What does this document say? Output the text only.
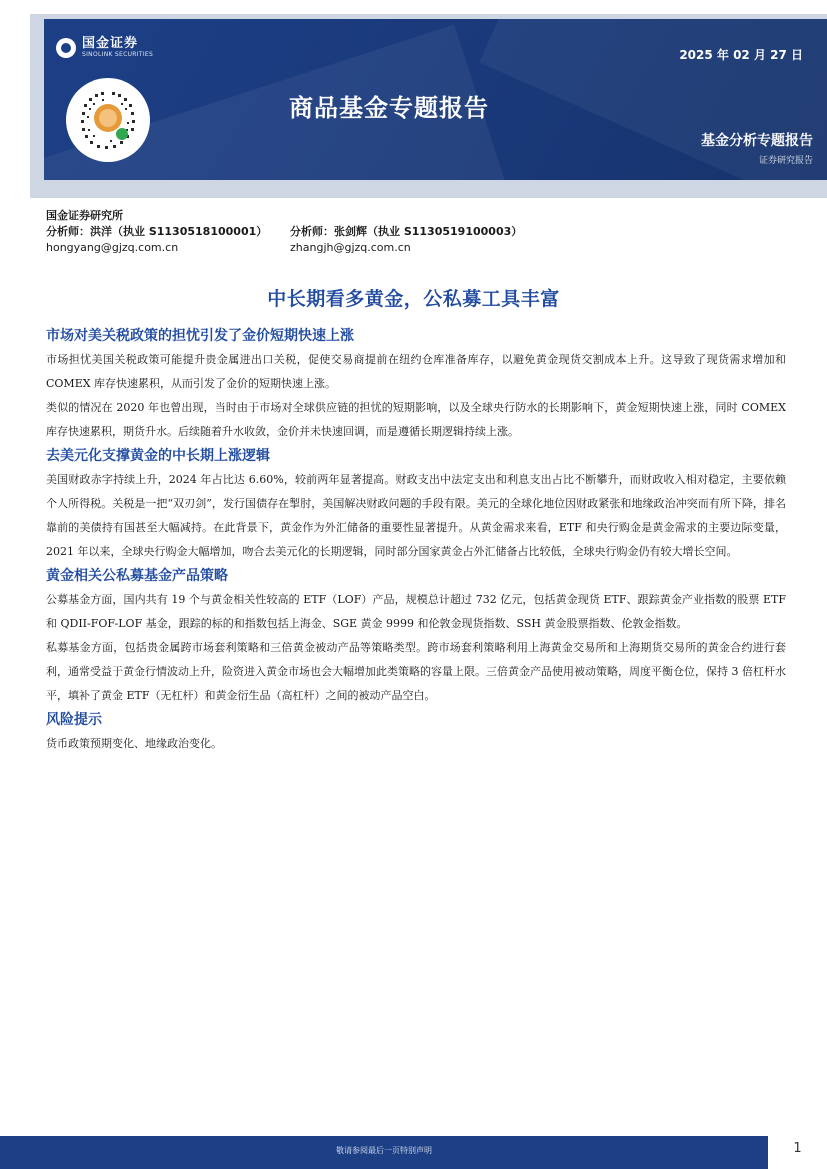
国金证券
SINOLINK SECURITIES	2025 年 02 月 27 日
商品基金专题报告
基金分析专题报告
证券研究报告
国金证券研究所
分析师：洪洋（执业 S1130518100001）	分析师：张剑辉（执业 S1130519100003）
hongyang@gjzq.com.cn	zhangjh@gjzq.com.cn
中长期看多黄金，公私募工具丰富
市场对美关税政策的担忧引发了金价短期快速上涨

市场担忧美国关税政策可能提升贵金属进出口关税，促使交易商提前在纽约仓库准备库存，以避免黄金现货交割成本上升。这导致了现货需求增加和 COMEX 库存快速累积，从而引发了金价的短期快速上涨。

类似的情况在 2020 年也曾出现，当时由于市场对全球供应链的担忧的短期影响，以及全球央行防水的长期影响下，黄金短期快速上涨，同时 COMEX 库存快速累积，期货升水。后续随着升水收敛，金价并未快速回调，而是遵循长期逻辑持续上涨。

去美元化支撑黄金的中长期上涨逻辑

美国财政赤字持续上升，2024 年占比达 6.60%，较前两年显著提高。财政支出中法定支出和利息支出占比不断攀升，而财政收入相对稳定，主要依赖个人所得税。关税是一把“双刃剑”，发行国债存在掣肘，美国解决财政问题的手段有限。美元的全球化地位因财政紧张和地缘政治冲突而有所下降，排名靠前的美债持有国甚至大幅减持。在此背景下，黄金作为外汇储备的重要性显著提升。从黄金需求来看，ETF 和央行购金是黄金需求的主要边际变量，2021 年以来，全球央行购金大幅增加，吻合去美元化的长期逻辑，同时部分国家黄金占外汇储备占比较低，全球央行购金仍有较大增长空间。

黄金相关公私募基金产品策略

公募基金方面，国内共有 19 个与黄金相关性较高的 ETF（LOF）产品，规模总计超过 732 亿元，包括黄金现货 ETF、跟踪黄金产业指数的股票 ETF 和 QDII-FOF-LOF 基金，跟踪的标的和指数包括上海金、SGE 黄金 9999 和伦敦金现货指数、SSH 黄金股票指数、伦敦金指数。

私募基金方面，包括贵金属跨市场套利策略和三倍黄金被动产品等策略类型。跨市场套利策略利用上海黄金交易所和上海期货交易所的黄金合约进行套利，通常受益于黄金行情波动上升，险资进入黄金市场也会大幅增加此类策略的容量上限。三倍黄金产品使用被动策略，周度平衡仓位，保持 3 倍杠杆水平，填补了黄金 ETF（无杠杆）和黄金衍生品（高杠杆）之间的被动产品空白。

风险提示

货币政策预期变化、地缘政治变化。

敬请参阅最后一页特别声明	1
